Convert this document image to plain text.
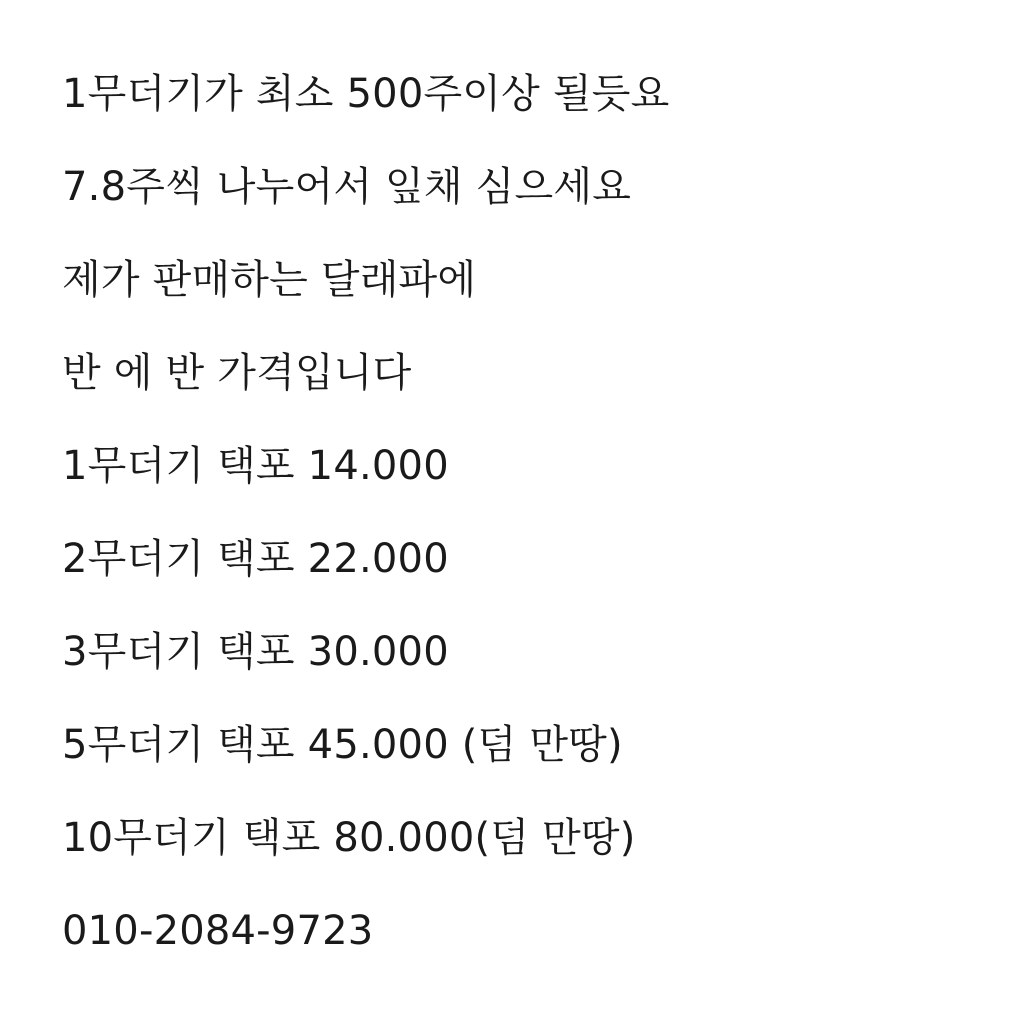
1무더기가 최소 500주이상 될듯요
7.8주씩 나누어서 잎채 심으세요
제가 판매하는 달래파에
반 에 반 가격입니다
1무더기 택포 14.000
2무더기 택포 22.000
3무더기 택포 30.000
5무더기 택포 45.000 (덤 만땅)
10무더기 택포 80.000(덤 만땅)
010-2084-9723
